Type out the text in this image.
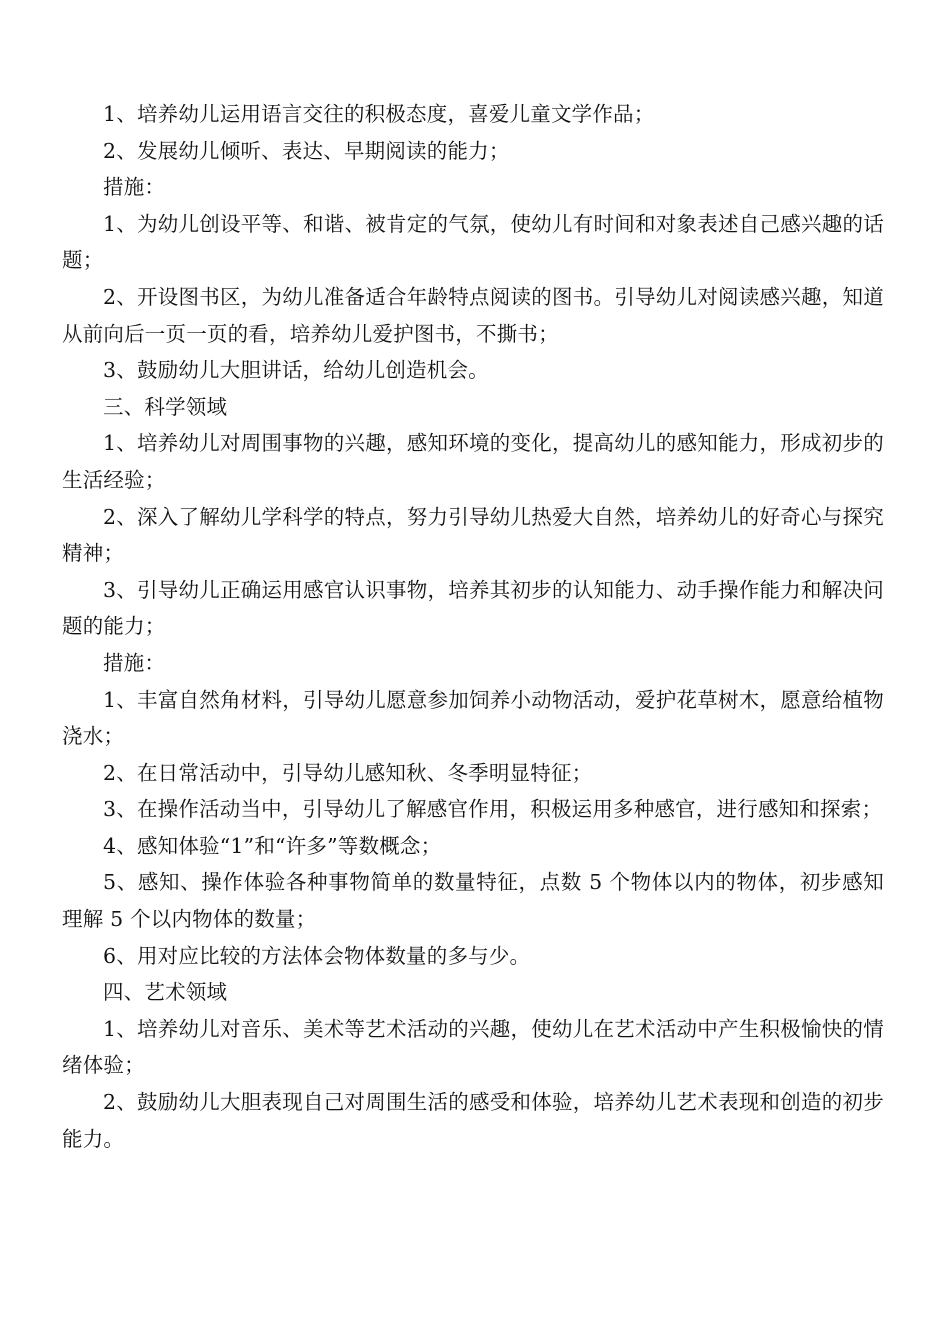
1、培养幼儿运用语言交往的积极态度，喜爱儿童文学作品；

2、发展幼儿倾听、表达、早期阅读的能力；

措施：

1、为幼儿创设平等、和谐、被肯定的气氛，使幼儿有时间和对象表述自己感兴趣的话题；

2、开设图书区，为幼儿准备适合年龄特点阅读的图书。引导幼儿对阅读感兴趣，知道从前向后一页一页的看，培养幼儿爱护图书，不撕书；

3、鼓励幼儿大胆讲话，给幼儿创造机会。

三、科学领域

1、培养幼儿对周围事物的兴趣，感知环境的变化，提高幼儿的感知能力，形成初步的生活经验；

2、深入了解幼儿学科学的特点，努力引导幼儿热爱大自然，培养幼儿的好奇心与探究精神；

3、引导幼儿正确运用感官认识事物，培养其初步的认知能力、动手操作能力和解决问题的能力；

措施：

1、丰富自然角材料，引导幼儿愿意参加饲养小动物活动，爱护花草树木，愿意给植物浇水；

2、在日常活动中，引导幼儿感知秋、冬季明显特征；

3、在操作活动当中，引导幼儿了解感官作用，积极运用多种感官，进行感知和探索；

4、感知体验“1”和“许多”等数概念；

5、感知、操作体验各种事物简单的数量特征，点数 5 个物体以内的物体，初步感知理解 5 个以内物体的数量；

6、用对应比较的方法体会物体数量的多与少。

四、艺术领域

1、培养幼儿对音乐、美术等艺术活动的兴趣，使幼儿在艺术活动中产生积极愉快的情绪体验；

2、鼓励幼儿大胆表现自己对周围生活的感受和体验，培养幼儿艺术表现和创造的初步能力。
